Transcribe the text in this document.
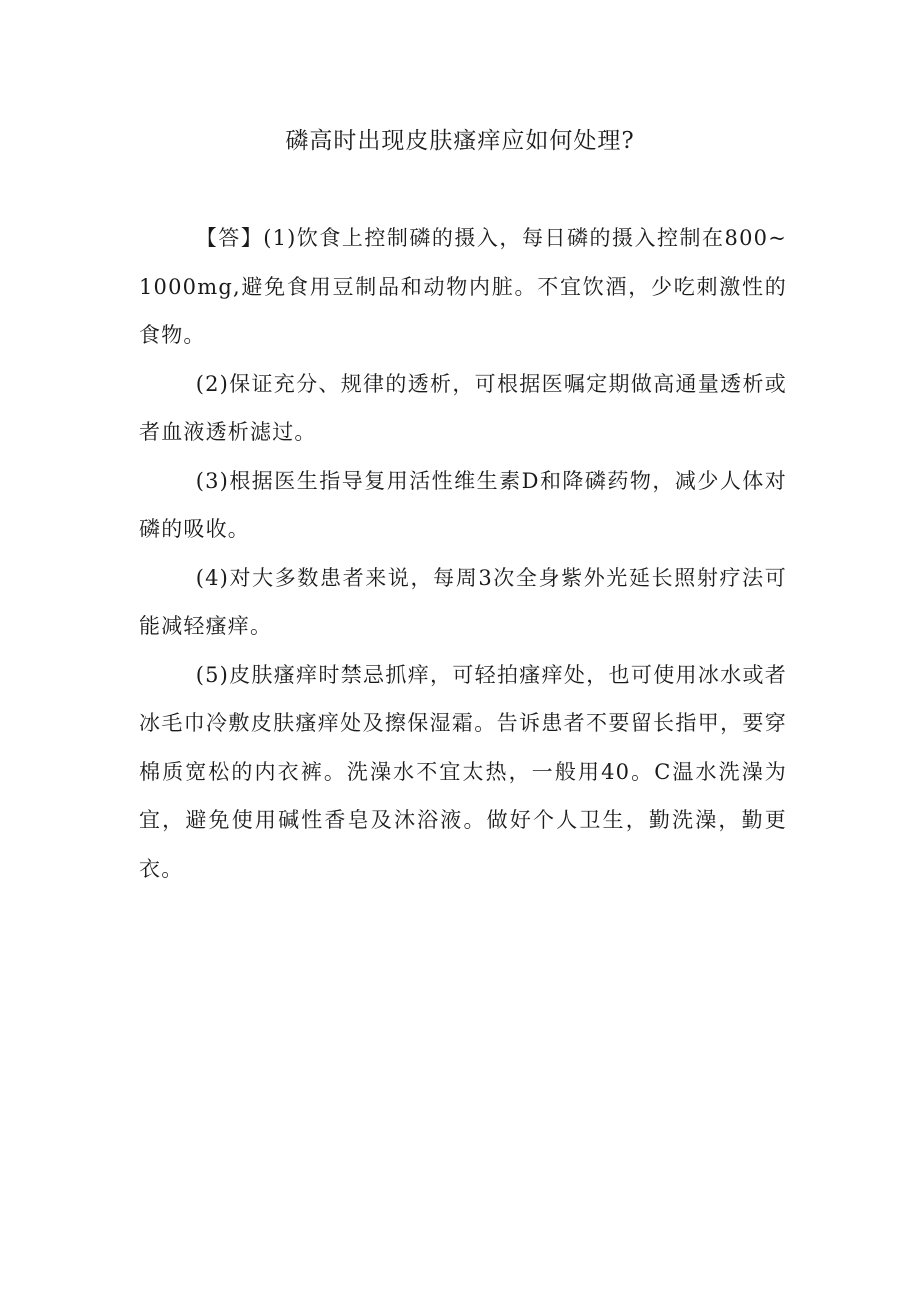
磷高时出现皮肤瘙痒应如何处理?

【答】(1)饮食上控制磷的摄入，每日磷的摄入控制在800~1000mg,避免食用豆制品和动物内脏。不宜饮酒，少吃刺激性的食物。

(2)保证充分、规律的透析，可根据医嘱定期做高通量透析或者血液透析滤过。

(3)根据医生指导复用活性维生素D和降磷药物，减少人体对磷的吸收。

(4)对大多数患者来说，每周3次全身紫外光延长照射疗法可能减轻瘙痒。

(5)皮肤瘙痒时禁忌抓痒，可轻拍瘙痒处，也可使用冰水或者冰毛巾冷敷皮肤瘙痒处及擦保湿霜。告诉患者不要留长指甲，要穿棉质宽松的内衣裤。洗澡水不宜太热，一般用40。C温水洗澡为宜，避免使用碱性香皂及沐浴液。做好个人卫生，勤洗澡，勤更衣。
